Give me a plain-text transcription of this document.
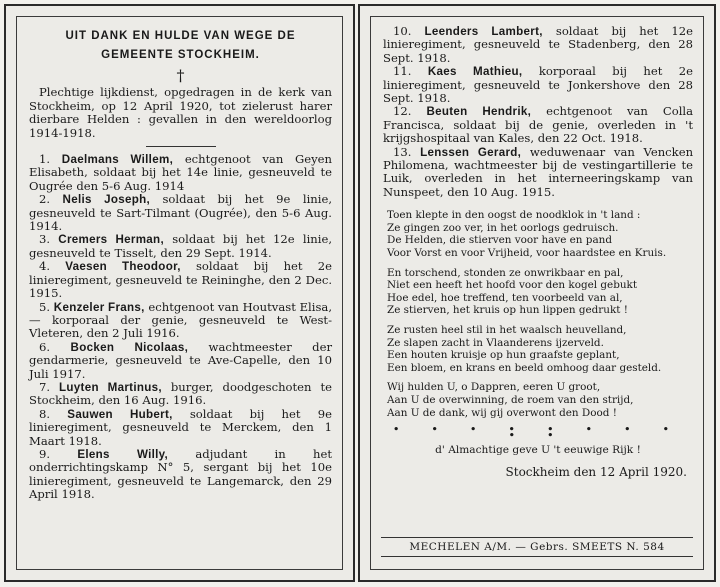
UIT DANK EN HULDE VAN WEGE DE
GEMEENTE STOCKHEIM.
†

Plechtige lijkdienst, opgedragen in de kerk van Stockheim, op 12 April 1920, tot zielerust harer dierbare Helden : gevallen in den wereldoorlog 1914-1918.

1. Daelmans Willem, echtgenoot van Geyen Elisabeth, soldaat bij het 14e linie, gesneuveld te Ougrée den 5-6 Aug. 1914

2. Nelis Joseph, soldaat bij het 9e linie, gesneuveld te Sart-Tilmant (Ougrée), den 5-6 Aug. 1914.

3. Cremers Herman, soldaat bij het 12e linie, gesneuveld te Tisselt, den 29 Sept. 1914.

4. Vaesen Theodoor, soldaat bij het 2e linieregiment, gesneuveld te Reininghe, den 2 Dec. 1915.

5. Kenzeler Frans, echtgenoot van Houtvast Elisa, — korporaal der genie, gesneuveld te West-Vleteren, den 2 Juli 1916.

6. Bocken Nicolaas, wachtmeester der gendarmerie, gesneuveld te Ave-Capelle, den 10 Juli 1917.

7. Luyten Martinus, burger, doodgeschoten te Stockheim, den 16 Aug. 1916.

8. Sauwen Hubert, soldaat bij het 9e linieregiment, gesneuveld te Merckem, den 1 Maart 1918.

9. Elens Willy, adjudant in het onderrichtingskamp N° 5, sergant bij het 10e linieregiment, gesneuveld te Langemarck, den 29 April 1918.

10. Leenders Lambert, soldaat bij het 12e linieregiment, gesneuveld te Stadenberg, den 28 Sept. 1918.

11. Kaes Mathieu, korporaal bij het 2e linieregiment, gesneuveld te Jonkershove den 28 Sept. 1918.

12. Beuten Hendrik, echtgenoot van Colla Francisca, soldaat bij de genie, overleden in 't krijgshospitaal van Kales, den 22 Oct. 1918.

13. Lenssen Gerard, weduwenaar van Vencken Philomena, wachtmeester bij de vestingartillerie te Luik, overleden in het interneeringskamp van Nunspeet, den 10 Aug. 1915.

Toen klepte in den oogst de noodklok in 't land :
Ze gingen zoo ver, in het oorlogs gedruisch.
De Helden, die stierven voor have en pand
Voor Vorst en voor Vrijheid, voor haardstee en Kruis.
En torschend, stonden ze onwrikbaar en pal,
Niet een heeft het hoofd voor den kogel gebukt
Hoe edel, hoe treffend, ten voorbeeld van al,
Ze stierven, het kruis op hun lippen gedrukt !
Ze rusten heel stil in het waalsch heuvelland,
Ze slapen zacht in Vlaanderens ijzerveld.
Een houten kruisje op hun graafste geplant,
Een bloem, en krans en beeld omhoog daar gesteld.
Wij hulden U, o Dappren, eeren U groot,
Aan U de overwinning, de roem van den strijd,
Aan U de dank, wij gij overwont den Dood !

• • • • • • • • • •

d' Almachtige geve U 't eeuwige Rijk !
Stockheim den 12 April 1920.
MECHELEN A/M. — Gebrs. SMEETS N. 584
